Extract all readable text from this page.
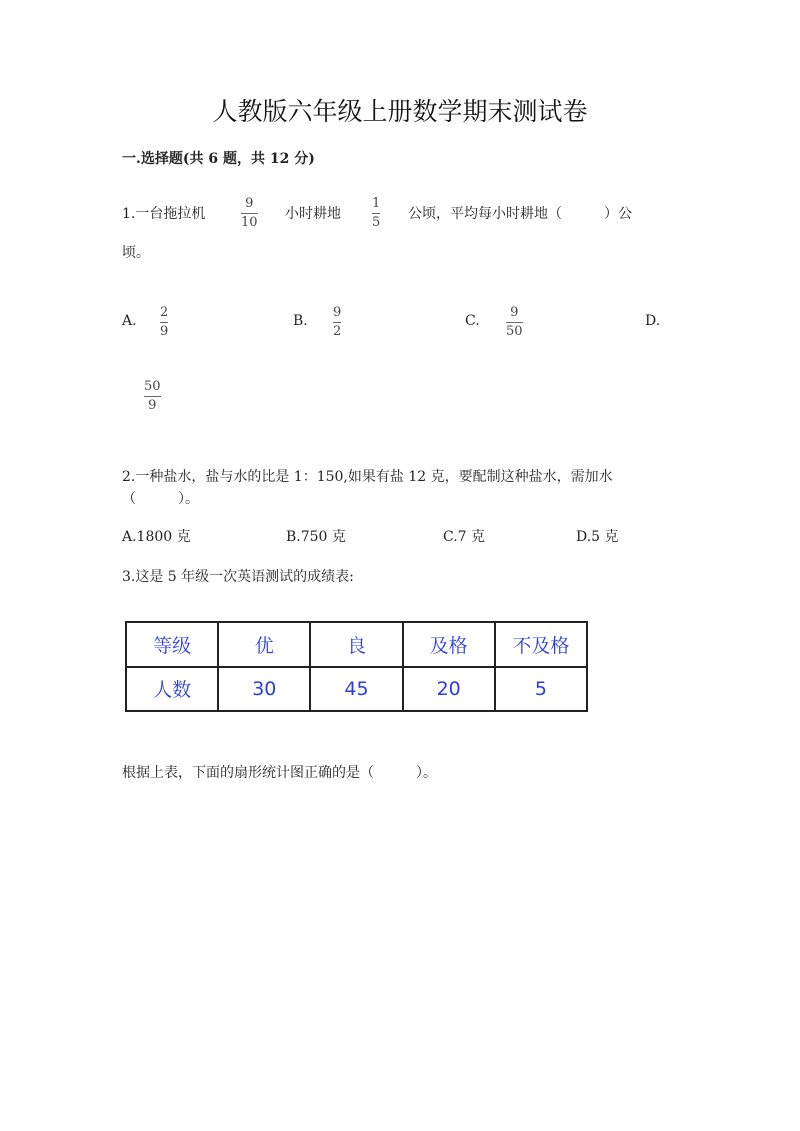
人教版六年级上册数学期末测试卷
一.选择题(共 6 题，共 12 分)
1.一台拖拉机
9
10
小时耕地
1
5
公顷，平均每小时耕地（　　　）公
顷。
A.
2
9
B.
9
2
C.
9
50
D.
50
9
2.一种盐水，盐与水的比是 1：150,如果有盐 12 克，要配制这种盐水，需加水
（　　　）。
A.1800 克	B.750 克	C.7 克	D.5 克
3.这是 5 年级一次英语测试的成绩表:
等级	优	良	及格	不及格
人数	30	45	20	5
根据上表，下面的扇形统计图正确的是（　　　）。
